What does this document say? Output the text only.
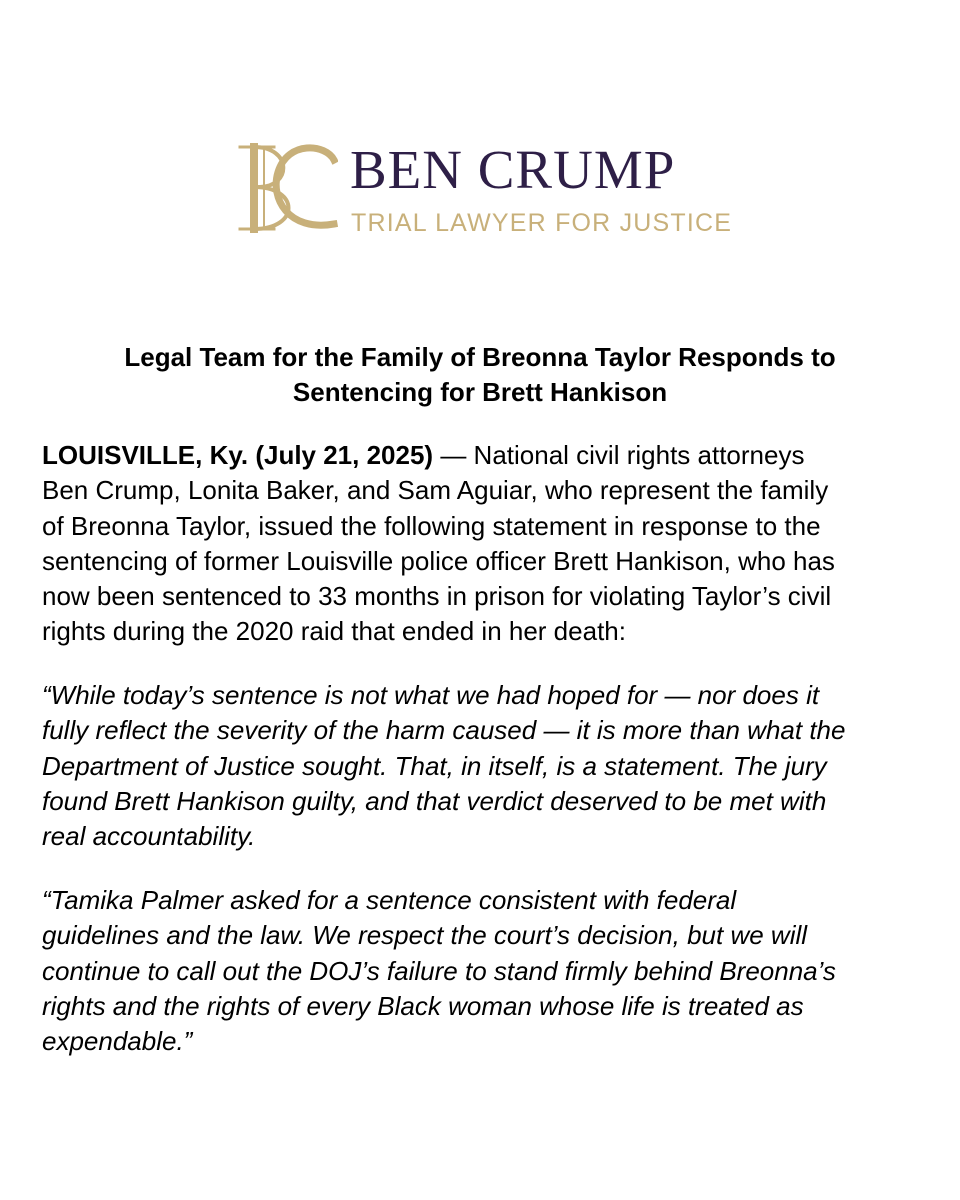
BEN CRUMP
TRIAL LAWYER FOR JUSTICE
Legal Team for the Family of Breonna Taylor Responds to
Sentencing for Brett Hankison

LOUISVILLE, Ky. (July 21, 2025) — National civil rights attorneys
Ben Crump, Lonita Baker, and Sam Aguiar, who represent the family
of Breonna Taylor, issued the following statement in response to the
sentencing of former Louisville police officer Brett Hankison, who has
now been sentenced to 33 months in prison for violating Taylor’s civil
rights during the 2020 raid that ended in her death:

“While today’s sentence is not what we had hoped for — nor does it
fully reflect the severity of the harm caused — it is more than what the
Department of Justice sought. That, in itself, is a statement. The jury
found Brett Hankison guilty, and that verdict deserved to be met with
real accountability.

“Tamika Palmer asked for a sentence consistent with federal
guidelines and the law. We respect the court’s decision, but we will
continue to call out the DOJ’s failure to stand firmly behind Breonna’s
rights and the rights of every Black woman whose life is treated as
expendable.”
